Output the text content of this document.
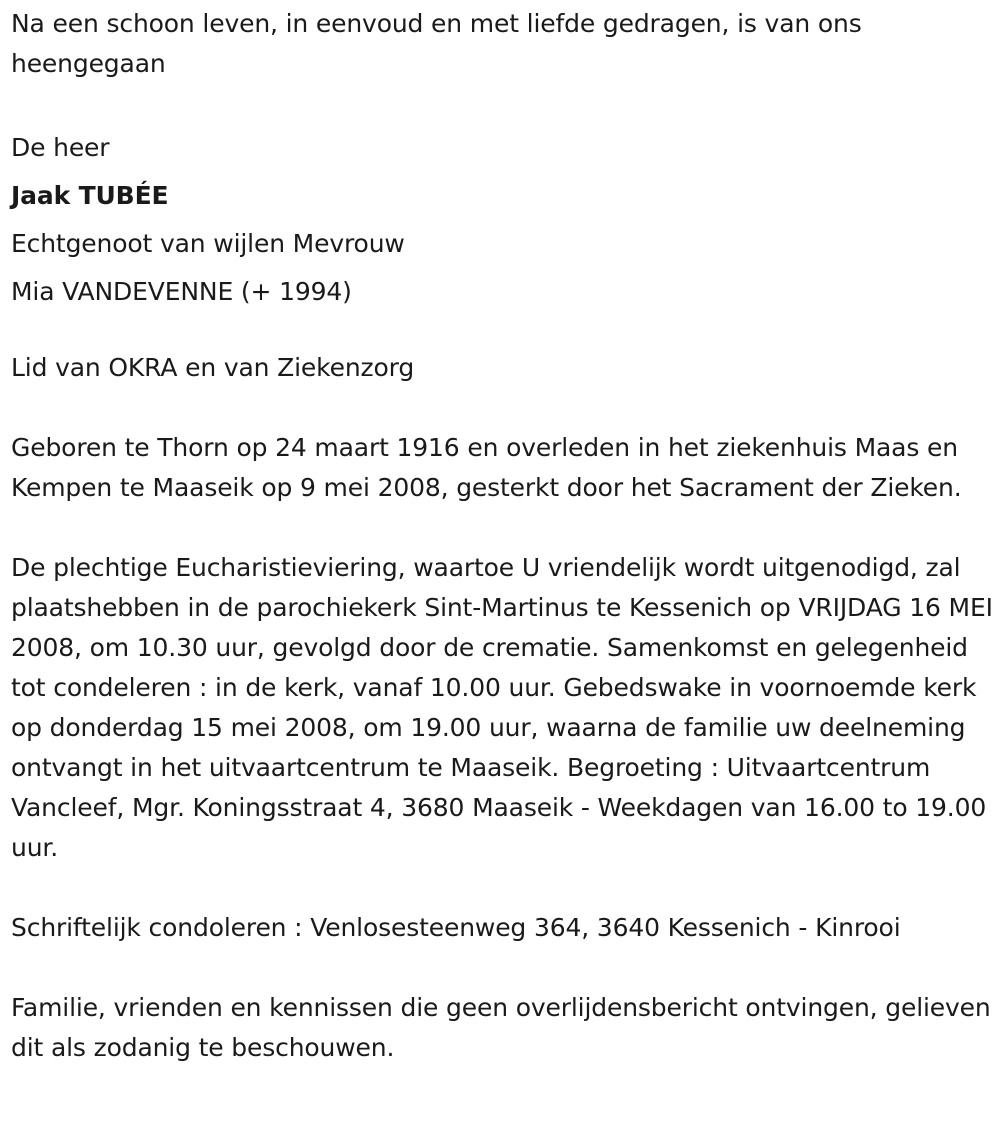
Na een schoon leven, in eenvoud en met liefde gedragen, is van ons heengegaan

De heer

Jaak TUBÉE

Echtgenoot van wijlen Mevrouw

Mia VANDEVENNE (+ 1994)

Lid van OKRA en van Ziekenzorg

Geboren te Thorn op 24 maart 1916 en overleden in het ziekenhuis Maas en Kempen te Maaseik op 9 mei 2008, gesterkt door het Sacrament der Zieken.

De plechtige Eucharistieviering, waartoe U vriendelijk wordt uitgenodigd, zal plaatshebben in de parochiekerk Sint-Martinus te Kessenich op VRIJDAG 16 MEI 2008, om 10.30 uur, gevolgd door de crematie. Samenkomst en gelegenheid tot condeleren : in de kerk, vanaf 10.00 uur. Gebedswake in voornoemde kerk op donderdag 15 mei 2008, om 19.00 uur, waarna de familie uw deelneming ontvangt in het uitvaartcentrum te Maaseik. Begroeting : Uitvaartcentrum Vancleef, Mgr. Koningsstraat 4, 3680 Maaseik - Weekdagen van 16.00 to 19.00 uur.

Schriftelijk condoleren : Venlosesteenweg 364, 3640 Kessenich - Kinrooi

Familie, vrienden en kennissen die geen overlijdensbericht ontvingen, gelieven dit als zodanig te beschouwen.
